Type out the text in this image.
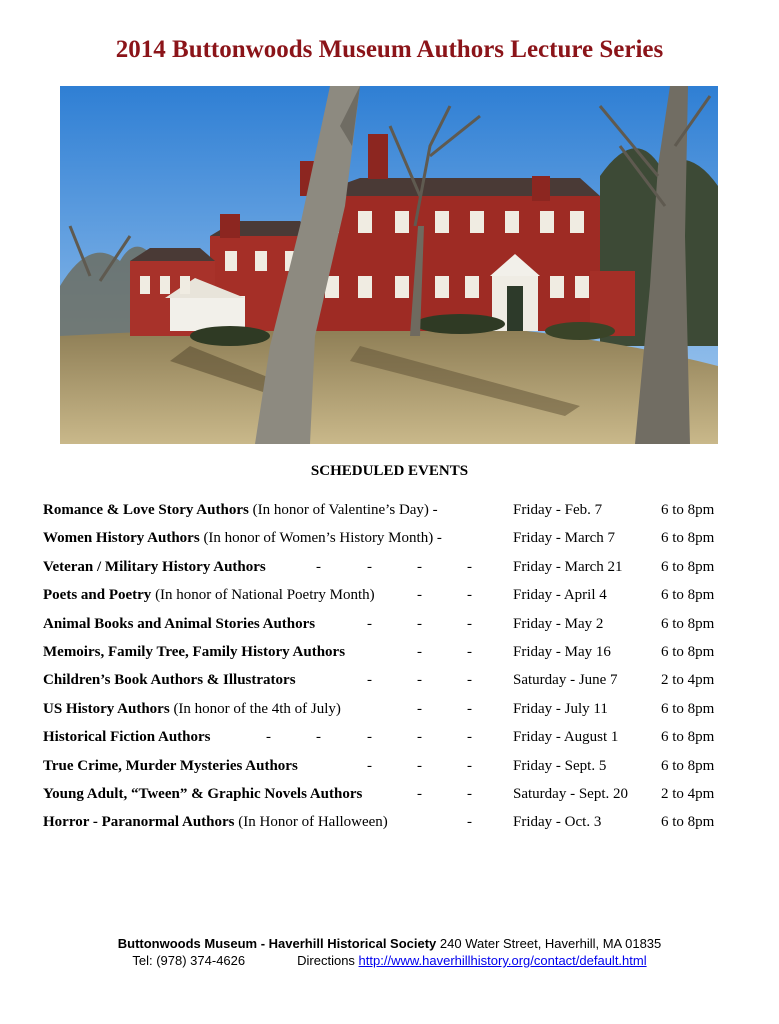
2014 Buttonwoods Museum Authors Lecture Series
SCHEDULED EVENTS
Romance & Love Story Authors (In honor of Valentine’s Day) -	Friday - Feb. 7	6 to 8pm
Women History Authors (In honor of Women’s History Month) -	Friday - March 7	6 to 8pm
Veteran / Military History Authors	-	-	-	-	Friday - March 21	6 to 8pm
Poets and Poetry (In honor of National Poetry Month)	-	-	Friday - April 4	6 to 8pm
Animal Books and Animal Stories Authors	-	-	-	Friday - May 2	6 to 8pm
Memoirs, Family Tree, Family History Authors	-	-	Friday - May 16	6 to 8pm
Children’s Book Authors & Illustrators	-	-	-	Saturday - June 7	2 to 4pm
US History Authors (In honor of the 4th of July)	-	-	Friday - July 11	6 to 8pm
Historical Fiction Authors	-	-	-	-	-	Friday - August 1	6 to 8pm
True Crime, Murder Mysteries Authors	-	-	-	Friday - Sept. 5	6 to 8pm
Young Adult, “Tween” & Graphic Novels Authors	-	-	Saturday - Sept. 20 2 to 4pm
Horror - Paranormal Authors (In Honor of Halloween)	-	Friday - Oct. 3	6 to 8pm
Buttonwoods Museum - Haverhill Historical Society 240 Water Street, Haverhill, MA 01835
Tel: (978) 374-4626	Directions http://www.haverhillhistory.org/contact/default.html
